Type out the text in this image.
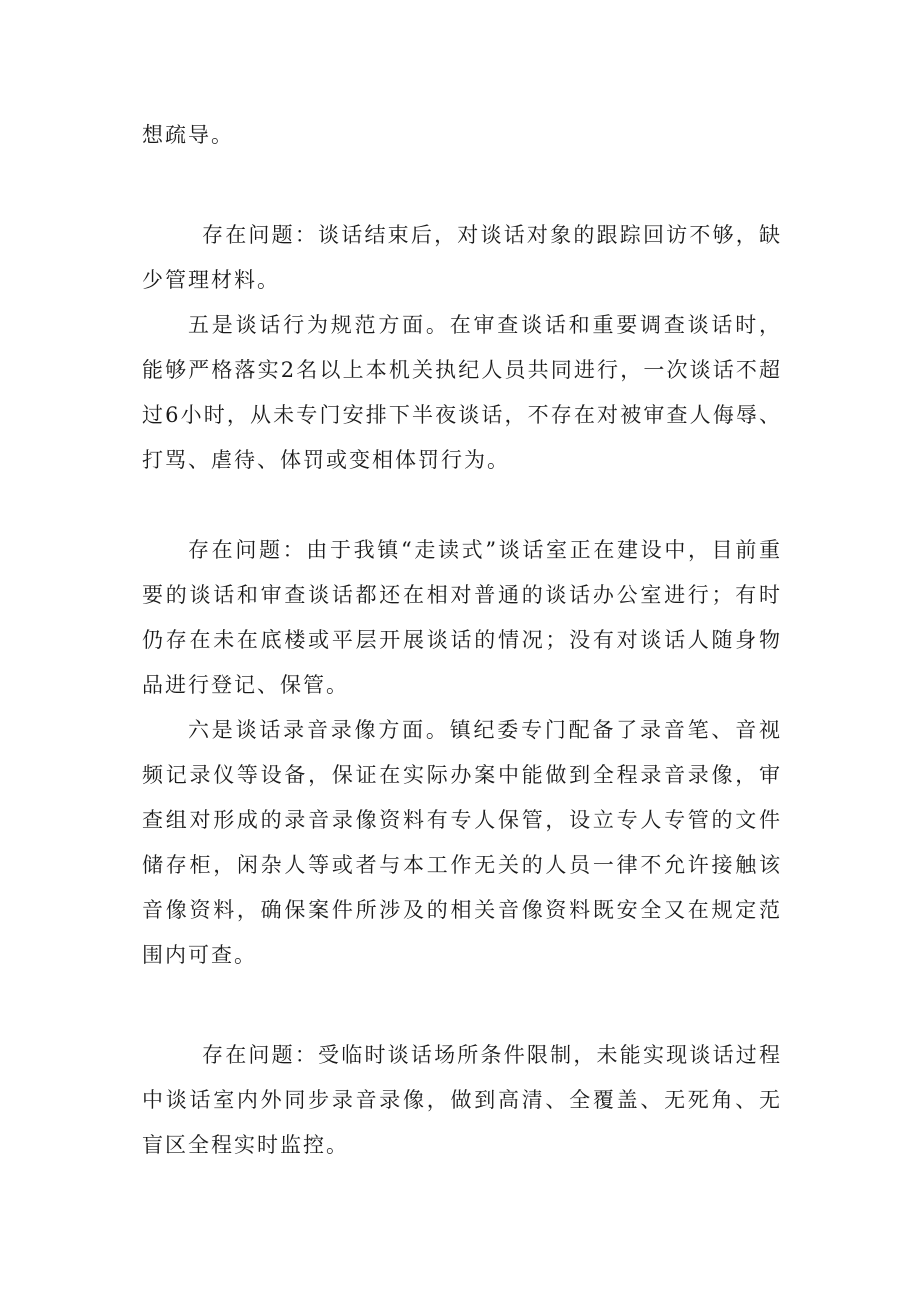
想疏导。

存在问题：谈话结束后，对谈话对象的跟踪回访不够，缺少管理材料。

五是谈话行为规范方面。在审查谈话和重要调查谈话时，能够严格落实2名以上本机关执纪人员共同进行，一次谈话不超过6小时，从未专门安排下半夜谈话，不存在对被审查人侮辱、打骂、虐待、体罚或变相体罚行为。

存在问题：由于我镇“走读式”谈话室正在建设中，目前重要的谈话和审查谈话都还在相对普通的谈话办公室进行；有时仍存在未在底楼或平层开展谈话的情况；没有对谈话人随身物品进行登记、保管。

六是谈话录音录像方面。镇纪委专门配备了录音笔、音视频记录仪等设备，保证在实际办案中能做到全程录音录像，审查组对形成的录音录像资料有专人保管，设立专人专管的文件储存柜，闲杂人等或者与本工作无关的人员一律不允许接触该音像资料，确保案件所涉及的相关音像资料既安全又在规定范围内可查。

存在问题：受临时谈话场所条件限制，未能实现谈话过程中谈话室内外同步录音录像，做到高清、全覆盖、无死角、无盲区全程实时监控。
